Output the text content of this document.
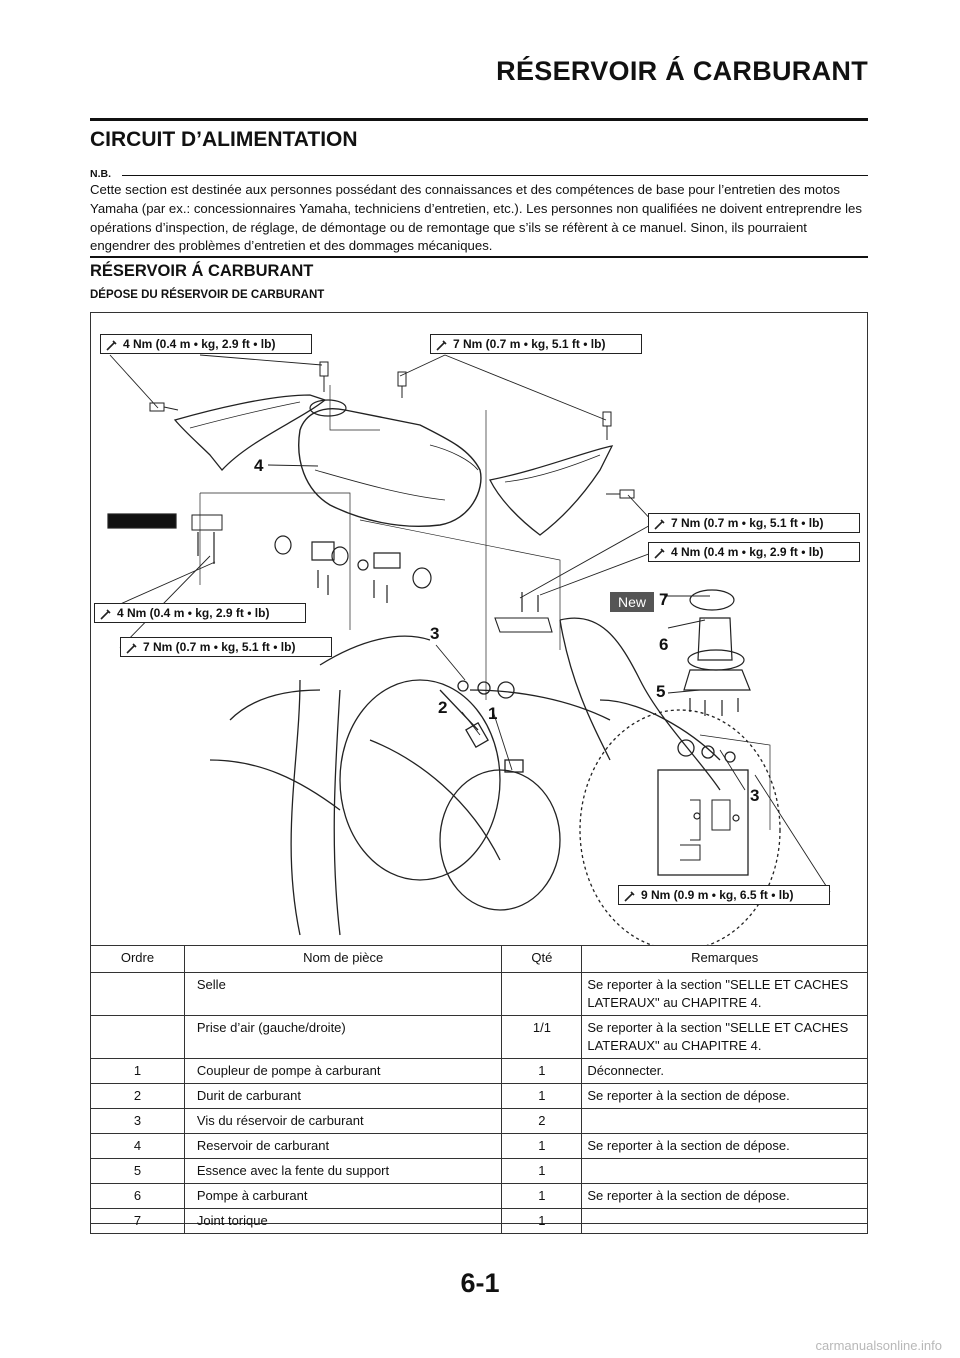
RÉSERVOIR Á CARBURANT
CIRCUIT D’ALIMENTATION
N.B.
Cette section est destinée aux personnes possédant des connaissances et des compétences de base pour l’entretien des motos Yamaha (par ex.: concessionnaires Yamaha, techniciens d’entretien, etc.). Les personnes non qualifiées ne doivent entreprendre les opérations d’inspection, de réglage, de démontage ou de remontage que s’ils se réfèrent à ce manuel. Sinon, ils pourraient engendrer des problèmes d’entretien et des dommages mécaniques.
RÉSERVOIR Á CARBURANT
DÉPOSE DU RÉSERVOIR DE CARBURANT
4 Nm (0.4 m • kg, 2.9 ft • lb)	7 Nm (0.7 m • kg, 5.1 ft • lb)
7 Nm (0.7 m • kg, 5.1 ft • lb)
4 Nm (0.4 m • kg, 2.9 ft • lb)
4 Nm (0.4 m • kg, 2.9 ft • lb)
7 Nm (0.7 m • kg, 5.1 ft • lb)
9 Nm (0.9 m • kg, 6.5 ft • lb)
New
4
7
6
5
3
2 1
3
Ordre	Nom de pièce	Qté	Remarques
	Selle		Se reporter à la section "SELLE ET CACHES LATERAUX" au CHAPITRE 4.
	Prise d’air (gauche/droite)	1/1	Se reporter à la section "SELLE ET CACHES LATERAUX" au CHAPITRE 4.
1	Coupleur de pompe à carburant	1	Déconnecter.
2	Durit de carburant	1	Se reporter à la section de dépose.
3	Vis du réservoir de carburant	2	
4	Reservoir de carburant	1	Se reporter à la section de dépose.
5	Essence avec la fente du support	1	
6	Pompe à carburant	1	Se reporter à la section de dépose.
7	Joint torique	1	
6-1
carmanualsonline.info
